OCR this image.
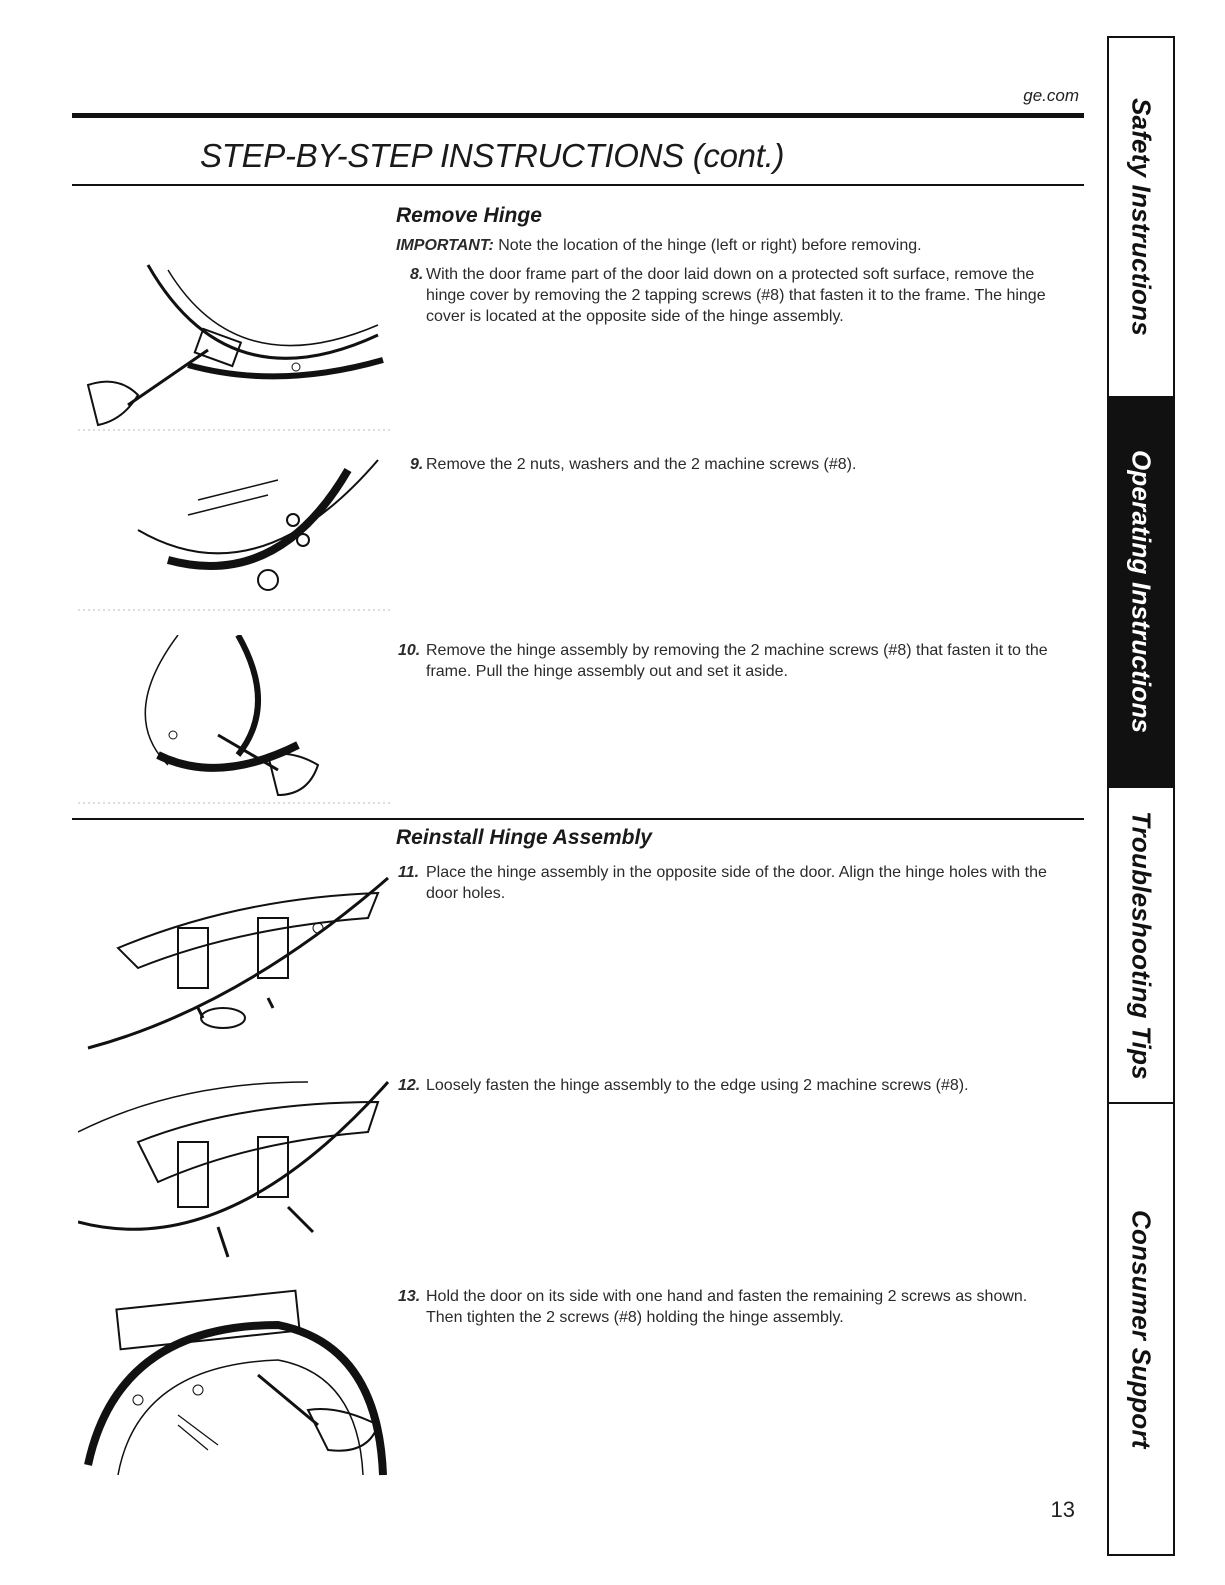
ge.com
STEP-BY-STEP INSTRUCTIONS (cont.)
Remove Hinge
IMPORTANT: Note the location of the hinge (left or right) before removing.
8. With the door frame part of the door laid down on a protected soft surface, remove the hinge cover by removing the 2 tapping screws (#8) that fasten it to the frame. The hinge cover is located at the opposite side of the hinge assembly.
9. Remove the 2 nuts, washers and the 2 machine screws (#8).
10. Remove the hinge assembly by removing the 2 machine screws (#8) that fasten it to the frame. Pull the hinge assembly out and set it aside.
Reinstall Hinge Assembly
11. Place the hinge assembly in the opposite side of the door. Align the hinge holes with the door holes.
12. Loosely fasten the hinge assembly to the edge using 2 machine screws (#8).
13. Hold the door on its side with one hand and fasten the remaining 2 screws as shown. Then tighten the 2 screws (#8) holding the hinge assembly.
13
Safety Instructions
Operating Instructions
Troubleshooting Tips
Consumer Support
